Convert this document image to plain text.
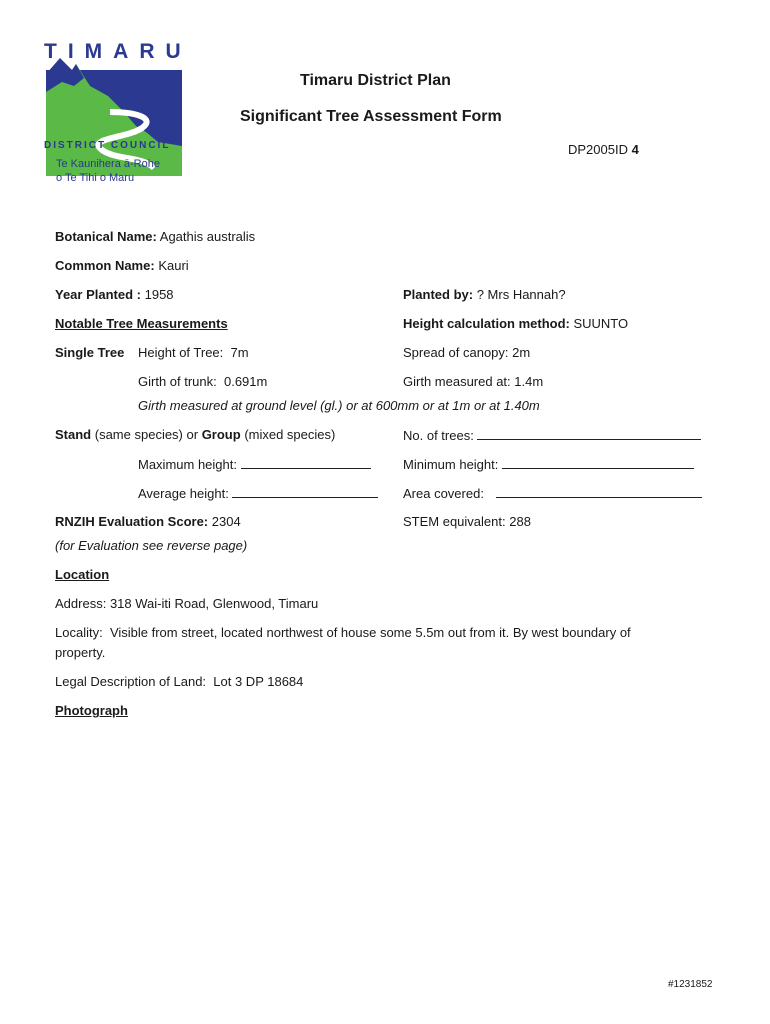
TIMARU
DISTRICT COUNCIL
Te Kaunihera ā-Rohe
o Te Tihi o Maru
Timaru District Plan
Significant Tree Assessment Form
DP2005ID 4
Botanical Name: Agathis australis
Common Name: Kauri
Year Planted : 1958	Planted by: ? Mrs Hannah?
Notable Tree Measurements	Height calculation method: SUUNTO
Single Tree Height of Tree: 7m	Spread of canopy: 2m
Girth of trunk: 0.691m	Girth measured at: 1.4m
Girth measured at ground level (gl.) or at 600mm or at 1m or at 1.40m
Stand (same species) or Group (mixed species)	No. of trees:
Maximum height:	Minimum height:
Average height:	Area covered:
RNZIH Evaluation Score: 2304	STEM equivalent: 288
(for Evaluation see reverse page)
Location
Address: 318 Wai-iti Road, Glenwood, Timaru
Locality: Visible from street, located northwest of house some 5.5m out from it. By west boundary of
property.
Legal Description of Land: Lot 3 DP 18684
Photograph
#1231852
